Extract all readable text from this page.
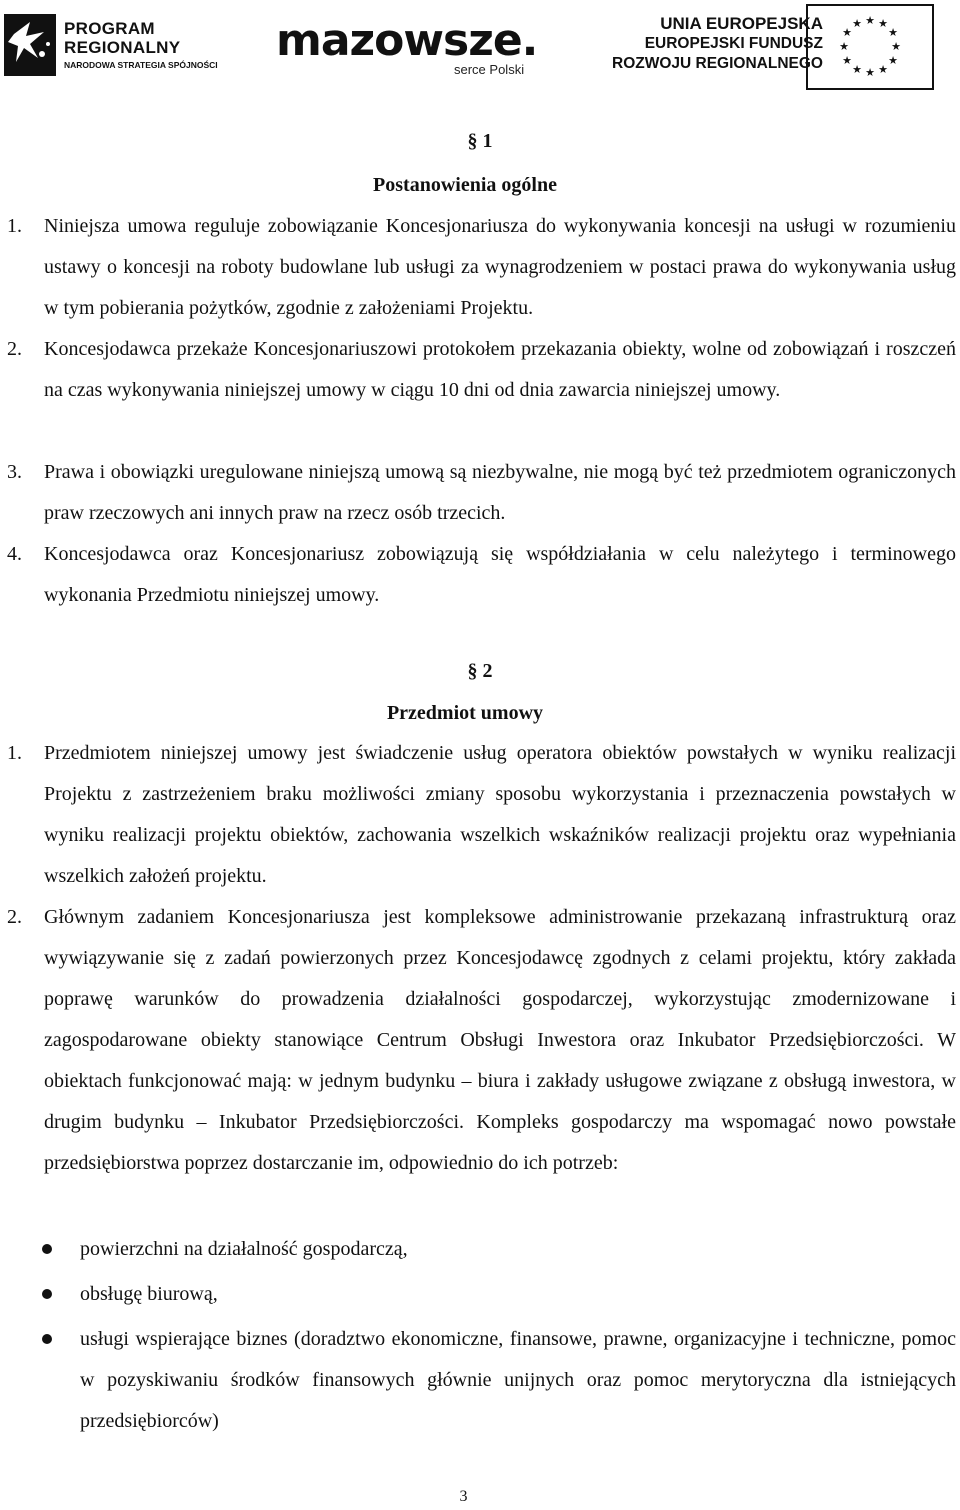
PROGRAM
REGIONALNY
NARODOWA STRATEGIA SPÓJNOŚCI mazowsze.
serce Polski
UNIA EUROPEJSKA
EUROPEJSKI FUNDUSZ
ROZWOJU REGIONALNEGO
★ ★
★
★
★
★
★
★
★
★
★
★
§ 1
Postanowienia ogólne
1. Niniejsza umowa reguluje zobowiązanie Koncesjonariusza do wykonywania koncesji na usługi w rozumieniu ustawy o koncesji na roboty budowlane lub usługi za wynagrodzeniem w postaci prawa do wykonywania usług w tym pobierania pożytków, zgodnie z założeniami Projektu.
2. Koncesjodawca przekaże Koncesjonariuszowi protokołem przekazania obiekty, wolne od zobowiązań i roszczeń na czas wykonywania niniejszej umowy w ciągu 10 dni od dnia zawarcia niniejszej umowy.
3. Prawa i obowiązki uregulowane niniejszą umową są niezbywalne, nie mogą być też przedmiotem ograniczonych praw rzeczowych ani innych praw na rzecz osób trzecich.
4. Koncesjodawca oraz Koncesjonariusz zobowiązują się współdziałania w celu należytego i terminowego wykonania Przedmiotu niniejszej umowy.
§ 2
Przedmiot umowy
1. Przedmiotem niniejszej umowy jest świadczenie usług operatora obiektów powstałych w wyniku realizacji Projektu z zastrzeżeniem braku możliwości zmiany sposobu wykorzystania i przeznaczenia powstałych w wyniku realizacji projektu obiektów, zachowania wszelkich wskaźników realizacji projektu oraz wypełniania wszelkich założeń projektu.
2. Głównym zadaniem Koncesjonariusza jest kompleksowe administrowanie przekazaną infrastrukturą oraz wywiązywanie się z zadań powierzonych przez Koncesjodawcę zgodnych z celami projektu, który zakłada poprawę warunków do prowadzenia działalności gospodarczej, wykorzystując zmodernizowane i zagospodarowane obiekty stanowiące Centrum Obsługi Inwestora oraz Inkubator Przedsiębiorczości. W obiektach funkcjonować mają: w jednym budynku – biura i zakłady usługowe związane z obsługą inwestora, w drugim budynku – Inkubator Przedsiębiorczości. Kompleks gospodarczy ma wspomagać nowo powstałe przedsiębiorstwa poprzez dostarczanie im, odpowiednio do ich potrzeb:
powierzchni na działalność gospodarczą,
obsługę biurową,
usługi wspierające biznes (doradztwo ekonomiczne, finansowe, prawne, organizacyjne i techniczne, pomoc w pozyskiwaniu środków finansowych głównie unijnych oraz pomoc merytoryczna dla istniejących przedsiębiorców)
3
